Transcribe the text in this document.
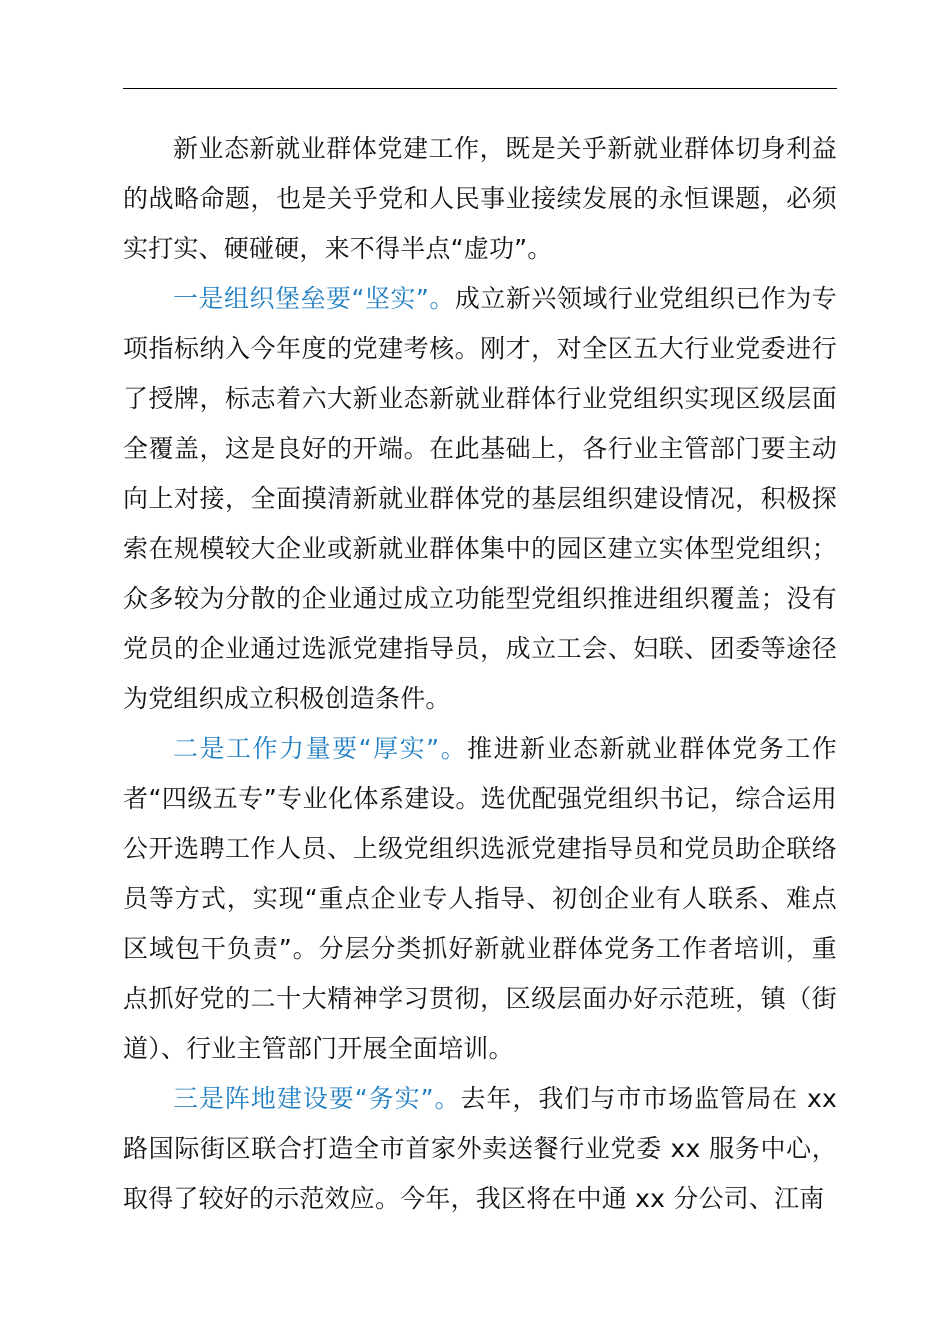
新业态新就业群体党建工作，既是关乎新就业群体切身利益的战略命题，也是关乎党和人民事业接续发展的永恒课题，必须实打实、硬碰硬，来不得半点“虚功”。

一是组织堡垒要“坚实”。成立新兴领域行业党组织已作为专项指标纳入今年度的党建考核。刚才，对全区五大行业党委进行了授牌，标志着六大新业态新就业群体行业党组织实现区级层面全覆盖，这是良好的开端。在此基础上，各行业主管部门要主动向上对接，全面摸清新就业群体党的基层组织建设情况，积极探索在规模较大企业或新就业群体集中的园区建立实体型党组织；众多较为分散的企业通过成立功能型党组织推进组织覆盖；没有党员的企业通过选派党建指导员，成立工会、妇联、团委等途径为党组织成立积极创造条件。

二是工作力量要“厚实”。推进新业态新就业群体党务工作者“四级五专”专业化体系建设。选优配强党组织书记，综合运用公开选聘工作人员、上级党组织选派党建指导员和党员助企联络员等方式，实现“重点企业专人指导、初创企业有人联系、难点区域包干负责”。分层分类抓好新就业群体党务工作者培训，重点抓好党的二十大精神学习贯彻，区级层面办好示范班，镇（街道）、行业主管部门开展全面培训。

三是阵地建设要“务实”。去年，我们与市市场监管局在 xx 路国际街区联合打造全市首家外卖送餐行业党委 xx 服务中心，取得了较好的示范效应。今年，我区将在中通 xx 分公司、江南
